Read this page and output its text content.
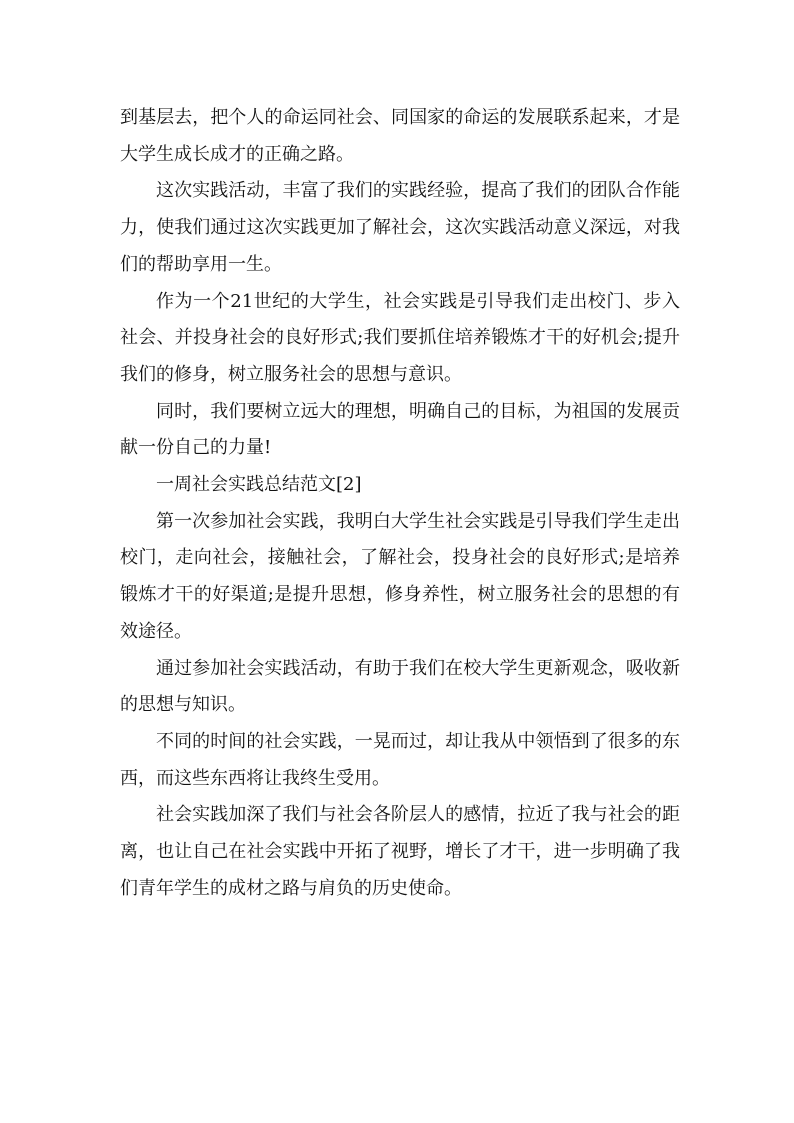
到基层去，把个人的命运同社会、同国家的命运的发展联系起来，才是大学生成长成才的正确之路。

这次实践活动，丰富了我们的实践经验，提高了我们的团队合作能力，使我们通过这次实践更加了解社会，这次实践活动意义深远，对我们的帮助享用一生。

作为一个21世纪的大学生，社会实践是引导我们走出校门、步入社会、并投身社会的良好形式;我们要抓住培养锻炼才干的好机会;提升我们的修身，树立服务社会的思想与意识。

同时，我们要树立远大的理想，明确自己的目标，为祖国的发展贡献一份自己的力量!

一周社会实践总结范文[2]

第一次参加社会实践，我明白大学生社会实践是引导我们学生走出校门，走向社会，接触社会，了解社会，投身社会的良好形式;是培养锻炼才干的好渠道;是提升思想，修身养性，树立服务社会的思想的有效途径。

通过参加社会实践活动，有助于我们在校大学生更新观念，吸收新的思想与知识。

不同的时间的社会实践，一晃而过，却让我从中领悟到了很多的东西，而这些东西将让我终生受用。

社会实践加深了我们与社会各阶层人的感情，拉近了我与社会的距离，也让自己在社会实践中开拓了视野，增长了才干，进一步明确了我们青年学生的成材之路与肩负的历史使命。
